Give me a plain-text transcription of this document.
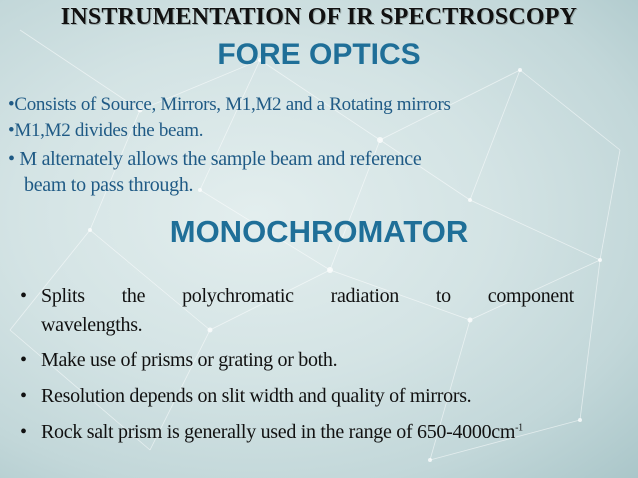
INSTRUMENTATION OF IR SPECTROSCOPY
FORE OPTICS
•Consists of Source, Mirrors, M1,M2 and a Rotating mirrors
•M1,M2 divides the beam.
• M alternately allows the sample beam and reference
beam to pass through.
MONOCHROMATOR
• Splits the polychromatic radiation to component
wavelengths.
• Make use of prisms or grating or both.
• Resolution depends on slit width and quality of mirrors.
• Rock salt prism is generally used in the range of $650-4000cm^{-1}$
